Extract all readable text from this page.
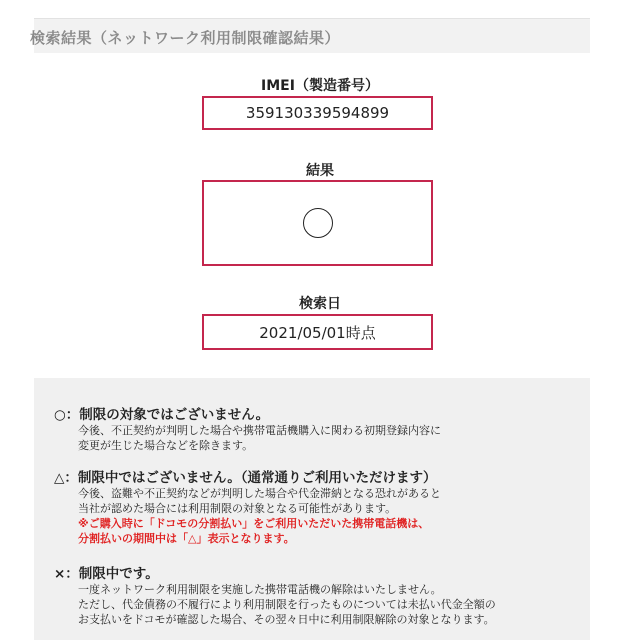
検索結果（ネットワーク利用制限確認結果）
IMEI（製造番号）
359130339594899
結果
検索日
2021/05/01時点
○：制限の対象ではございません。
今後、不正契約が判明した場合や携帯電話機購入に関わる初期登録内容に
変更が生じた場合などを除きます。
△：制限中ではございません。（通常通りご利用いただけます）
今後、盗難や不正契約などが判明した場合や代金滞納となる恐れがあると
当社が認めた場合には利用制限の対象となる可能性があります。
※ご購入時に「ドコモの分割払い」をご利用いただいた携帯電話機は、
分割払いの期間中は「△」表示となります。
×：制限中です。
一度ネットワーク利用制限を実施した携帯電話機の解除はいたしません。
ただし、代金債務の不履行により利用制限を行ったものについては未払い代金全額の
お支払いをドコモが確認した場合、その翌々日中に利用制限解除の対象となります。
